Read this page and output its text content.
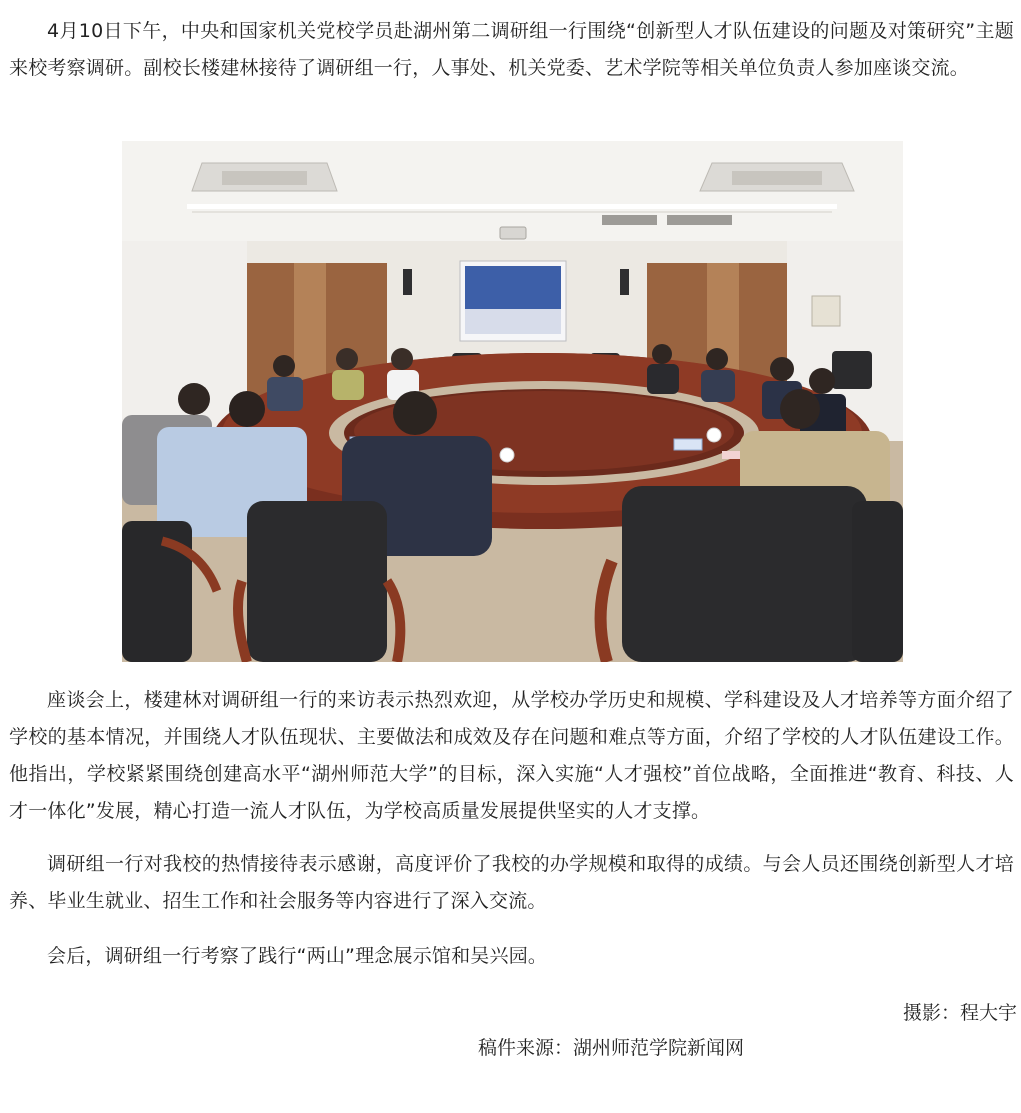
4月10日下午，中央和国家机关党校学员赴湖州第二调研组一行围绕“创新型人才队伍建设的问题及对策研究”主题来校考察调研。副校长楼建林接待了调研组一行，人事处、机关党委、艺术学院等相关单位负责人参加座谈交流。

座谈会上，楼建林对调研组一行的来访表示热烈欢迎，从学校办学历史和规模、学科建设及人才培养等方面介绍了学校的基本情况，并围绕人才队伍现状、主要做法和成效及存在问题和难点等方面，介绍了学校的人才队伍建设工作。他指出，学校紧紧围绕创建高水平“湖州师范大学”的目标，深入实施“人才强校”首位战略，全面推进“教育、科技、人才一体化”发展，精心打造一流人才队伍，为学校高质量发展提供坚实的人才支撑。

调研组一行对我校的热情接待表示感谢，高度评价了我校的办学规模和取得的成绩。与会人员还围绕创新型人才培养、毕业生就业、招生工作和社会服务等内容进行了深入交流。

会后，调研组一行考察了践行“两山”理念展示馆和吴兴园。

摄影：程大宇

稿件来源：湖州师范学院新闻网
